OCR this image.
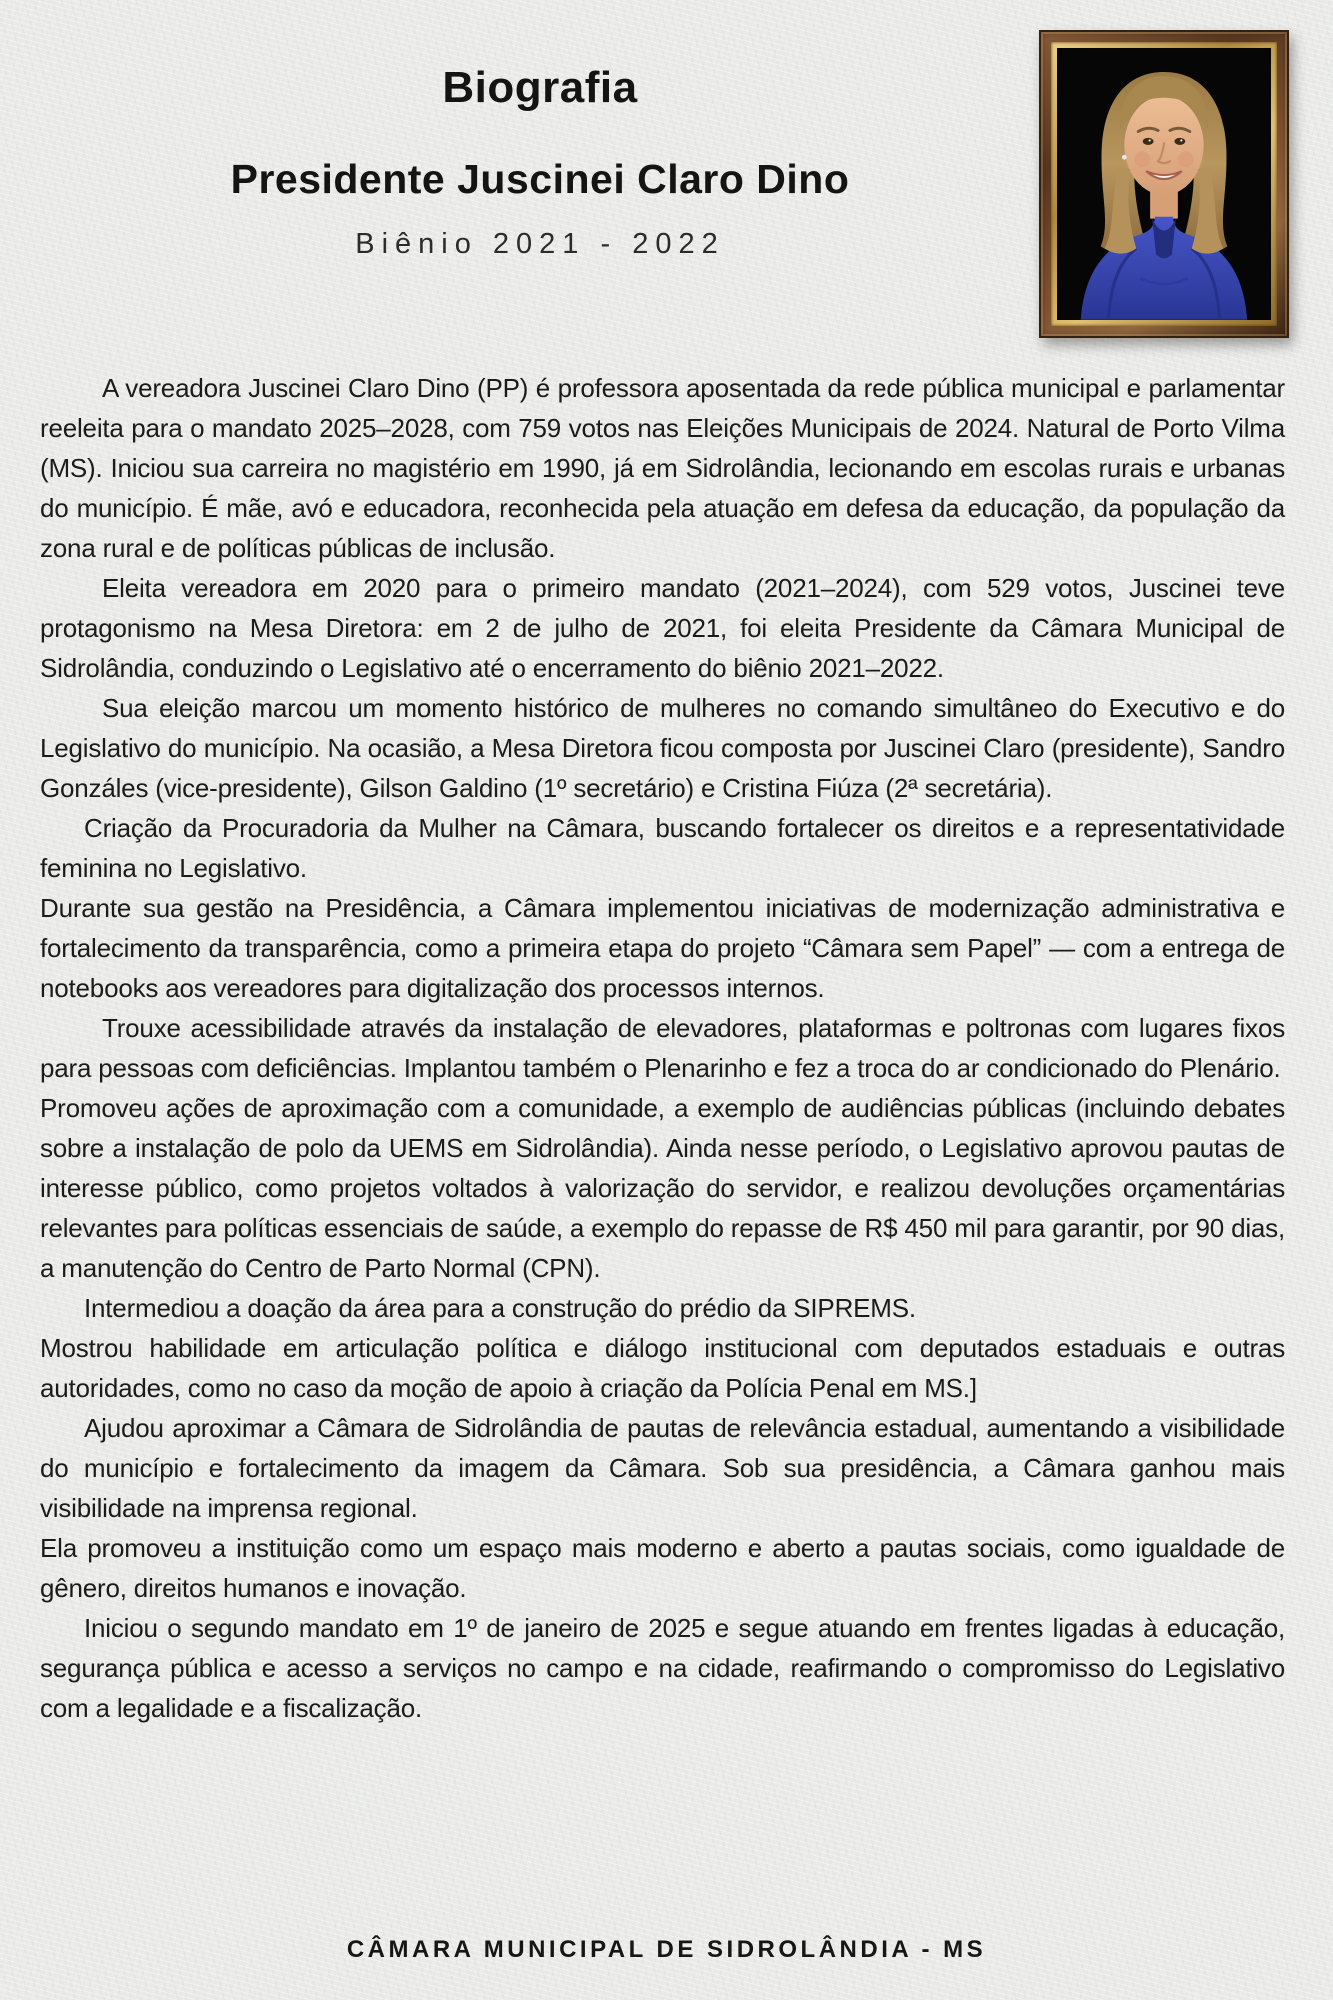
Biografia
Presidente Juscinei Claro Dino
Biênio 2021 - 2022

A vereadora Juscinei Claro Dino (PP) é professora aposentada da rede pública municipal e parlamentar reeleita para o mandato 2025–2028, com 759 votos nas Eleições Municipais de 2024. Natural de Porto Vilma (MS). Iniciou sua carreira no magistério em 1990, já em Sidrolândia, lecionando em escolas rurais e urbanas do município. É mãe, avó e educadora, reconhecida pela atuação em defesa da educação, da população da zona rural e de políticas públicas de inclusão.

Eleita vereadora em 2020 para o primeiro mandato (2021–2024), com 529 votos, Juscinei teve protagonismo na Mesa Diretora: em 2 de julho de 2021, foi eleita Presidente da Câmara Municipal de Sidrolândia, conduzindo o Legislativo até o encerramento do biênio 2021–2022.

Sua eleição marcou um momento histórico de mulheres no comando simultâneo do Executivo e do Legislativo do município. Na ocasião, a Mesa Diretora ficou composta por Juscinei Claro (presidente), Sandro Gonzáles (vice-presidente), Gilson Galdino (1º secretário) e Cristina Fiúza (2ª secretária).

Criação da Procuradoria da Mulher na Câmara, buscando fortalecer os direitos e a representatividade feminina no Legislativo.

Durante sua gestão na Presidência, a Câmara implementou iniciativas de modernização administrativa e fortalecimento da transparência, como a primeira etapa do projeto “Câmara sem Papel” — com a entrega de notebooks aos vereadores para digitalização dos processos internos.

Trouxe acessibilidade através da instalação de elevadores, plataformas e poltronas com lugares fixos para pessoas com deficiências. Implantou também o Plenarinho e fez a troca do ar condicionado do Plenário.

Promoveu ações de aproximação com a comunidade, a exemplo de audiências públicas (incluindo debates sobre a instalação de polo da UEMS em Sidrolândia). Ainda nesse período, o Legislativo aprovou pautas de interesse público, como projetos voltados à valorização do servidor, e realizou devoluções orçamentárias relevantes para políticas essenciais de saúde, a exemplo do repasse de R$ 450 mil para garantir, por 90 dias, a manutenção do Centro de Parto Normal (CPN).

Intermediou a doação da área para a construção do prédio da SIPREMS.

Mostrou habilidade em articulação política e diálogo institucional com deputados estaduais e outras autoridades, como no caso da moção de apoio à criação da Polícia Penal em MS.]

Ajudou aproximar a Câmara de Sidrolândia de pautas de relevância estadual, aumentando a visibilidade do município e fortalecimento da imagem da Câmara. Sob sua presidência, a Câmara ganhou mais visibilidade na imprensa regional.

Ela promoveu a instituição como um espaço mais moderno e aberto a pautas sociais, como igualdade de gênero, direitos humanos e inovação.

Iniciou o segundo mandato em 1º de janeiro de 2025 e segue atuando em frentes ligadas à educação, segurança pública e acesso a serviços no campo e na cidade, reafirmando o compromisso do Legislativo com a legalidade e a fiscalização.

CÂMARA MUNICIPAL DE SIDROLÂNDIA - MS
